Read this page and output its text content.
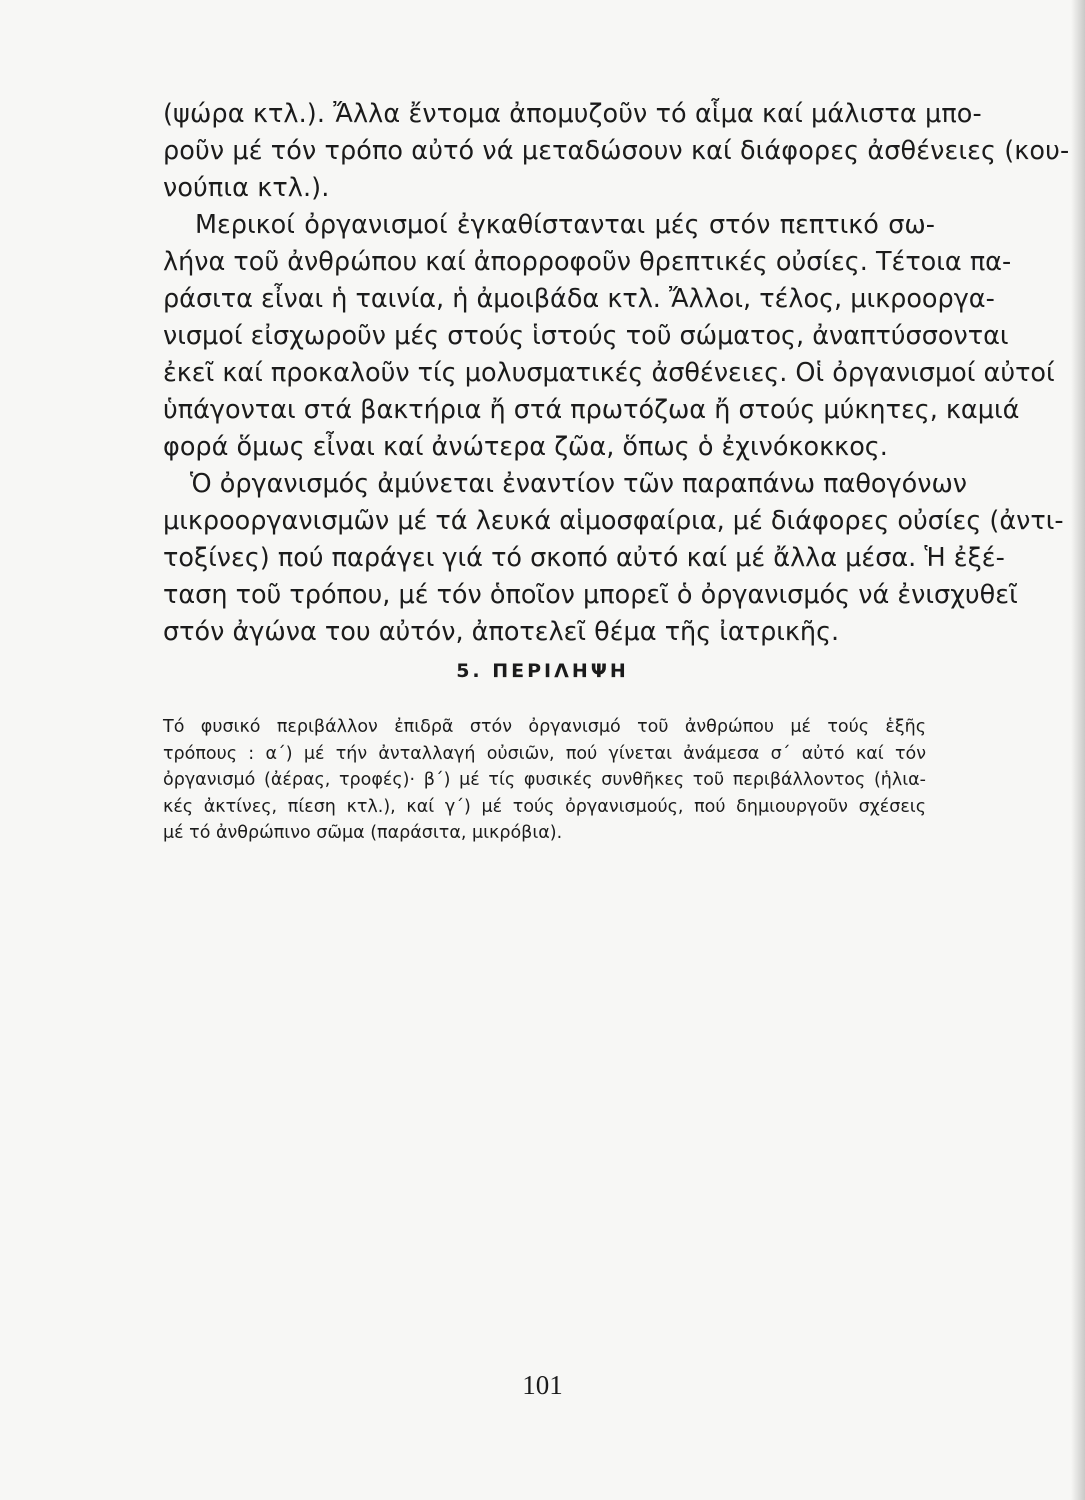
(ψώρα κτλ.). Ἄλλα ἔντομα ἀπομυζοῦν τό αἷμα καί μάλιστα μπο-
ροῦν μέ τόν τρόπο αὐτό νά μεταδώσουν καί διάφορες ἀσθένειες (κου-
νούπια κτλ.).

Μερικοί ὀργανισμοί ἐγκαθίστανται μές στόν πεπτικό σω-
λήνα τοῦ ἀνθρώπου καί ἀπορροφοῦν θρεπτικές οὐσίες. Τέτοια πα-
ράσιτα εἶναι ἡ ταινία, ἡ ἀμοιβάδα κτλ. Ἄλλοι, τέλος, μικροοργα-
νισμοί εἰσχωροῦν μές στούς ἱστούς τοῦ σώματος, ἀναπτύσσονται
ἐκεῖ καί προκαλοῦν τίς μολυσματικές ἀσθένειες. Οἱ ὀργανισμοί αὐτοί
ὑπάγονται στά βακτήρια ἤ στά πρωτόζωα ἤ στούς μύκητες, καμιά
φορά ὅμως εἶναι καί ἀνώτερα ζῶα, ὅπως ὁ ἐχινόκοκκος.
Ὁ ὀργανισμός ἀμύνεται ἐναντίον τῶν παραπάνω παθογόνων
μικροοργανισμῶν μέ τά λευκά αἱμοσφαίρια, μέ διάφορες οὐσίες (ἀντι-
τοξίνες) πού παράγει γιά τό σκοπό αὐτό καί μέ ἄλλα μέσα. Ἡ ἐξέ-
ταση τοῦ τρόπου, μέ τόν ὁποῖον μπορεῖ ὁ ὀργανισμός νά ἐνισχυθεῖ
στόν ἀγώνα του αὐτόν, ἀποτελεῖ θέμα τῆς ἰατρικῆς.
5. ΠΕΡΙΛΗΨΗ
Τό φυσικό περιβάλλον ἐπιδρᾶ στόν ὀργανισμό τοῦ ἀνθρώπου μέ τούς ἑξῆς
τρόπους : α΄) μέ τήν ἀνταλλαγή οὐσιῶν, πού γίνεται ἀνάμεσα σ΄ αὐτό καί τόν
ὀργανισμό (ἀέρας, τροφές)· β΄) μέ τίς φυσικές συνθῆκες τοῦ περιβάλλοντος (ἡλια-
κές ἀκτίνες, πίεση κτλ.), καί γ΄) μέ τούς ὀργανισμούς, πού δημιουργοῦν σχέσεις
μέ τό ἀνθρώπινο σῶμα (παράσιτα, μικρόβια).
101
